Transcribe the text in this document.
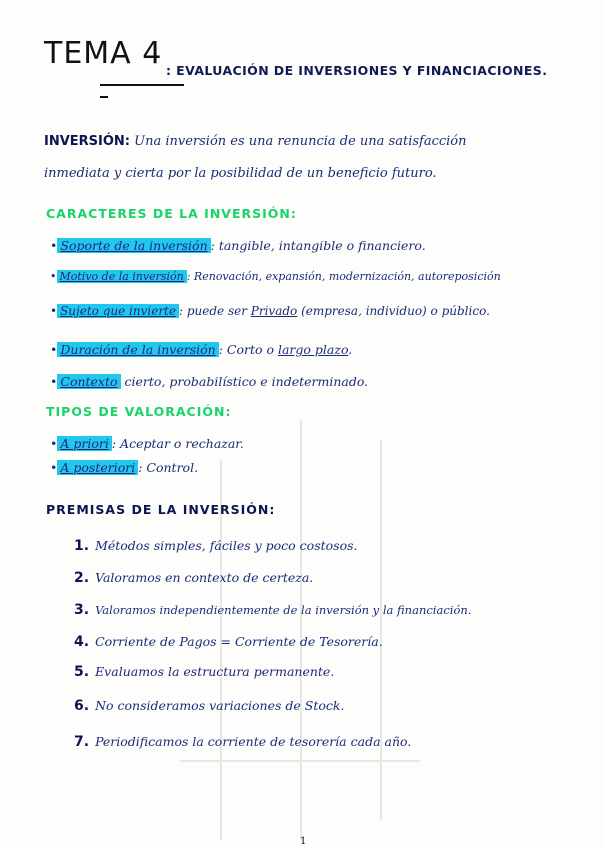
TEMA 4 : EVALUACIÓN DE INVERSIONES Y FINANCIACIONES.
INVERSIÓN: Una inversión es una renuncia de una satisfacción
inmediata y cierta por la posibilidad de un beneficio futuro.
CARACTERES DE LA INVERSIÓN:
• Soporte de la inversión : tangible, intangible o financiero.
• Motivo de la inversión : Renovación, expansión, modernización, autoreposición
• Sujeto que invierte : puede ser Privado (empresa, individuo) o público.
• Duración de la inversión : Corto o largo plazo.
• Contexto cierto, probabilístico e indeterminado.
TIPOS DE VALORACIÓN:
• A priori : Aceptar o rechazar.
• A posteriori : Control.
PREMISAS DE LA INVERSIÓN:
1. Métodos simples, fáciles y poco costosos.
2. Valoramos en contexto de certeza.
3. Valoramos independientemente de la inversión y la financiación.
4. Corriente de Pagos = Corriente de Tesorería.
5. Evaluamos la estructura permanente.
6. No consideramos variaciones de Stock.
7. Periodificamos la corriente de tesorería cada año.
1
